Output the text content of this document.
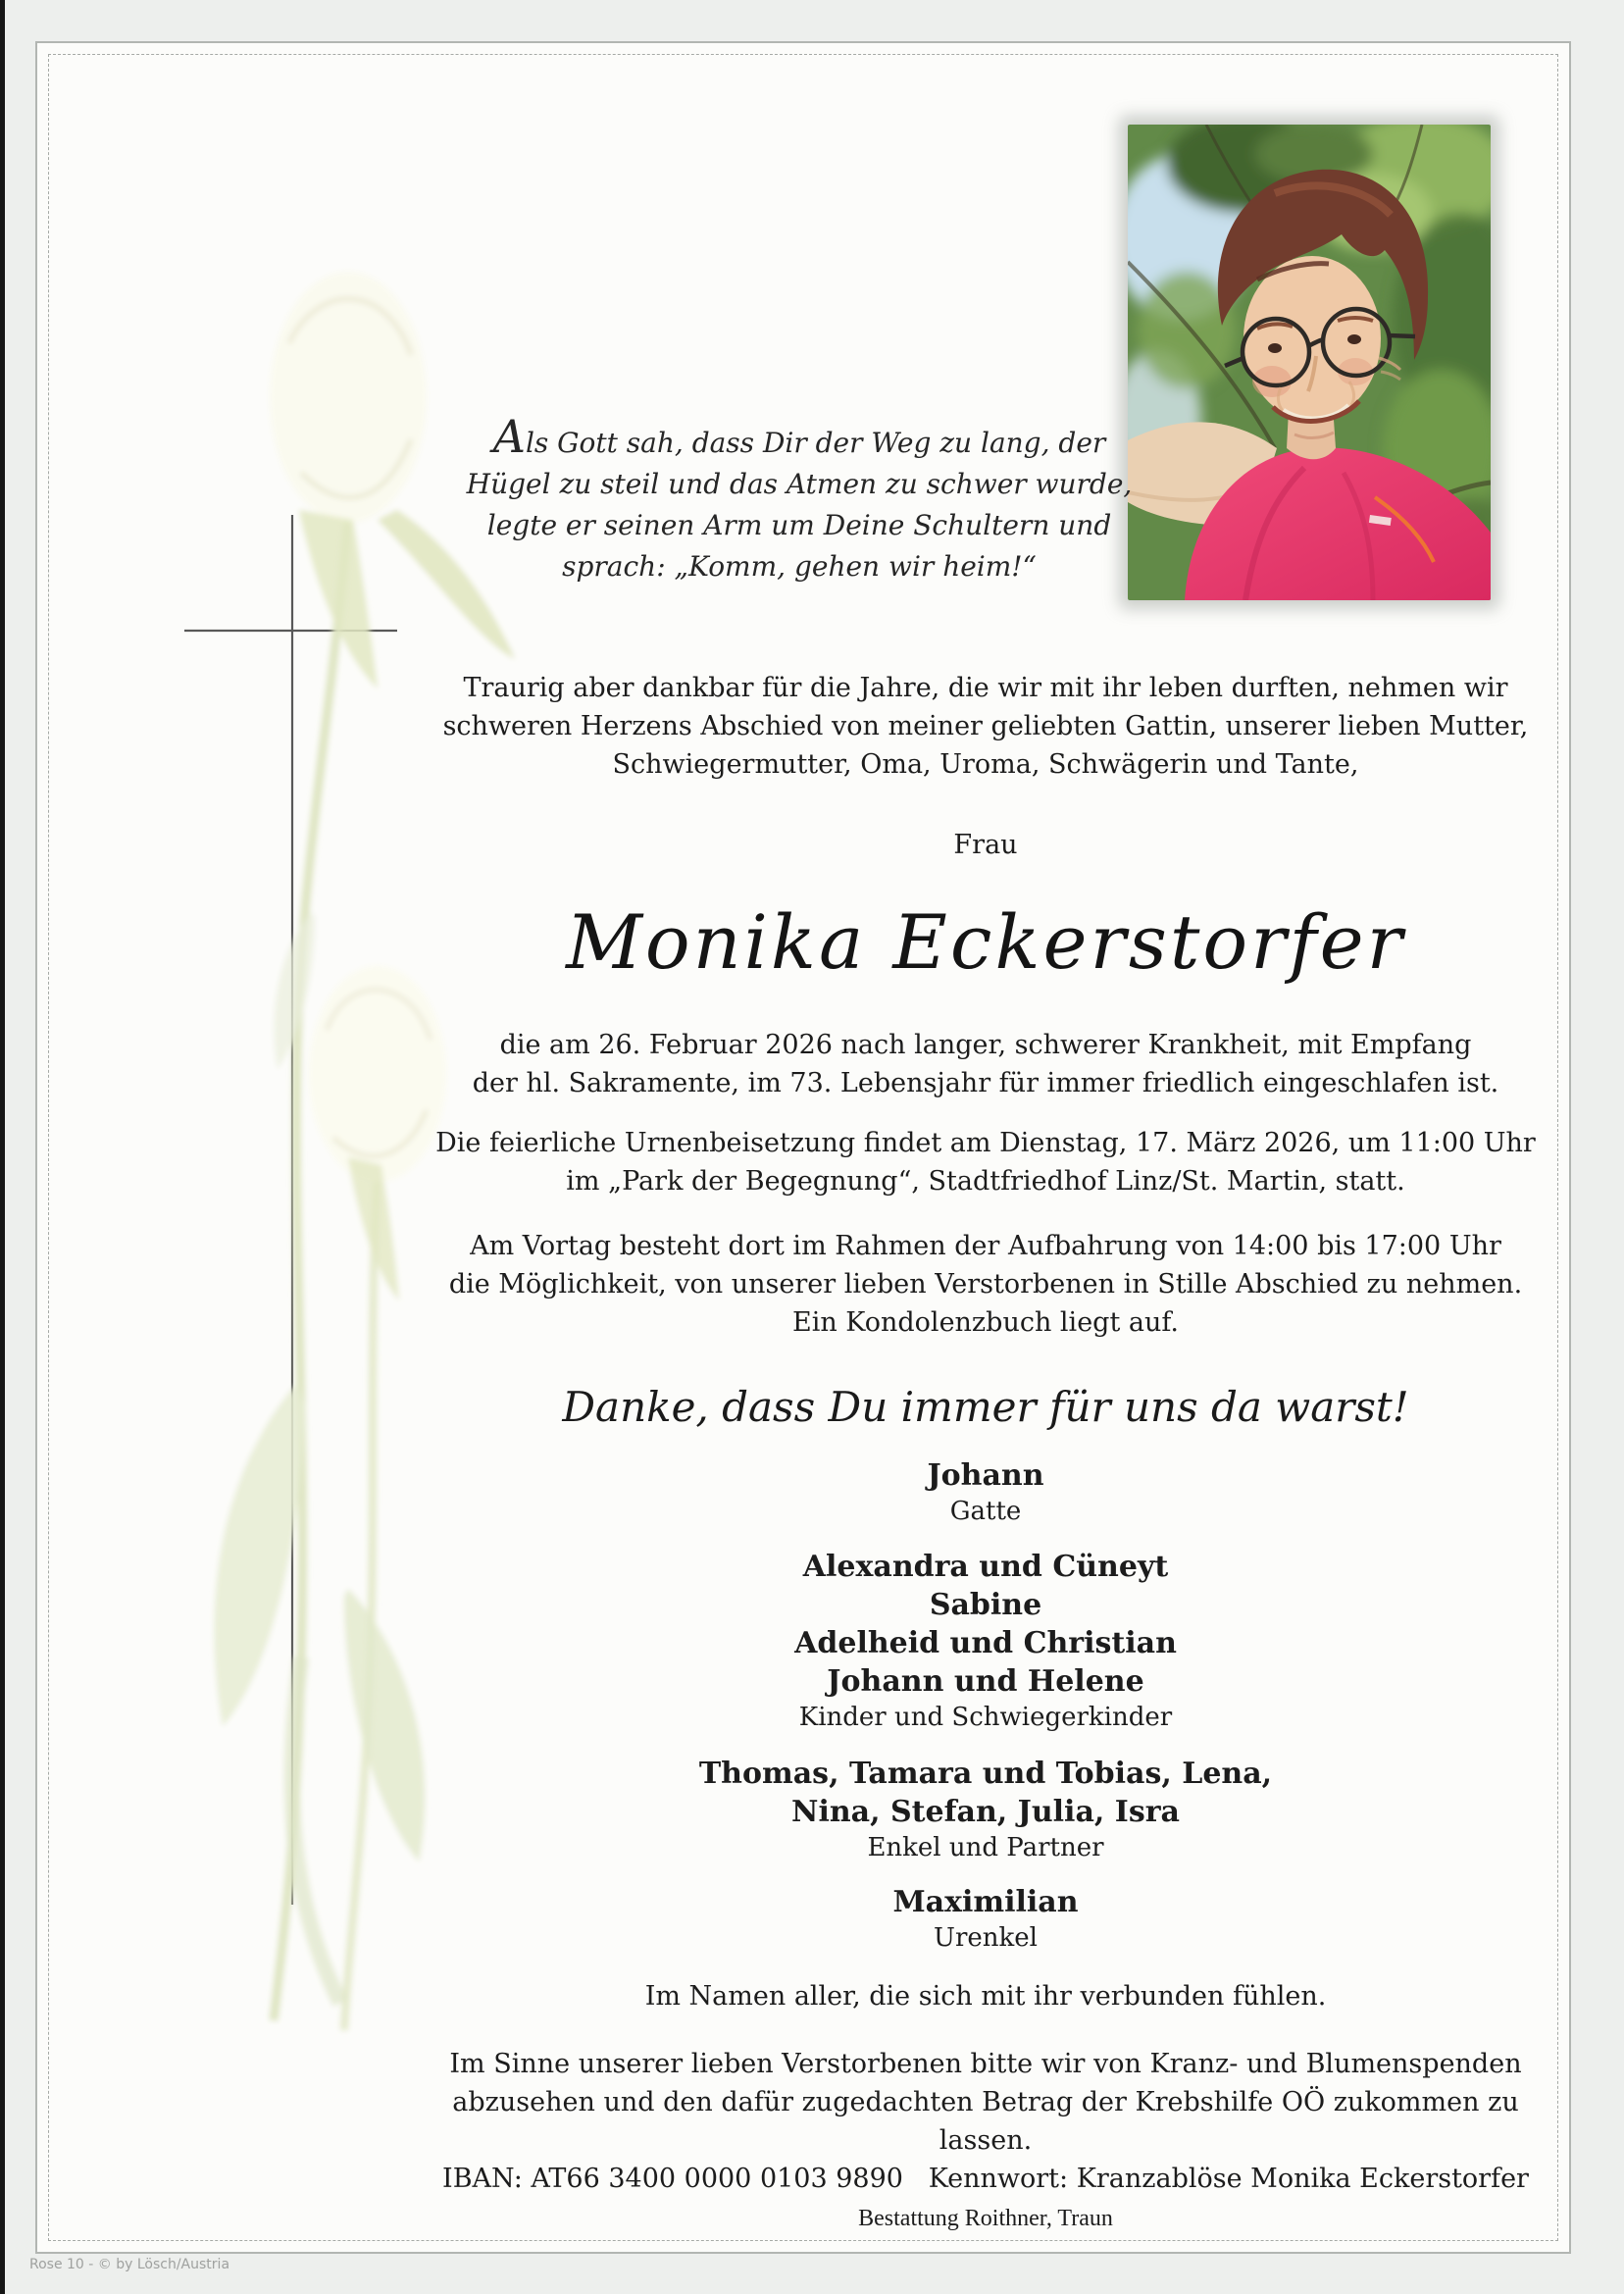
Als Gott sah, dass Dir der Weg zu lang, der
Hügel zu steil und das Atmen zu schwer wurde,
legte er seinen Arm um Deine Schultern und
sprach: „Komm, gehen wir heim!“
Traurig aber dankbar für die Jahre, die wir mit ihr leben durften, nehmen wir
schweren Herzens Abschied von meiner geliebten Gattin, unserer lieben Mutter,
Schwiegermutter, Oma, Uroma, Schwägerin und Tante,
Frau
Monika Eckerstorfer
die am 26. Februar 2026 nach langer, schwerer Krankheit, mit Empfang
der hl. Sakramente, im 73. Lebensjahr für immer friedlich eingeschlafen ist.
Die feierliche Urnenbeisetzung findet am Dienstag, 17. März 2026, um 11:00 Uhr
im „Park der Begegnung“, Stadtfriedhof Linz/St. Martin, statt.
Am Vortag besteht dort im Rahmen der Aufbahrung von 14:00 bis 17:00 Uhr
die Möglichkeit, von unserer lieben Verstorbenen in Stille Abschied zu nehmen.
Ein Kondolenzbuch liegt auf.
Danke, dass Du immer für uns da warst!
Johann
Gatte
Alexandra und Cüneyt
Sabine
Adelheid und Christian
Johann und Helene
Kinder und Schwiegerkinder
Thomas, Tamara und Tobias, Lena,
Nina, Stefan, Julia, Isra
Enkel und Partner
Maximilian
Urenkel
Im Namen aller, die sich mit ihr verbunden fühlen.
Im Sinne unserer lieben Verstorbenen bitte wir von Kranz- und Blumenspenden
abzusehen und den dafür zugedachten Betrag der Krebshilfe OÖ zukommen zu lassen.
IBAN: AT66 3400 0000 0103 9890   Kennwort: Kranzablöse Monika Eckerstorfer
Bestattung Roithner, Traun
Rose 10 - © by Lösch/Austria
